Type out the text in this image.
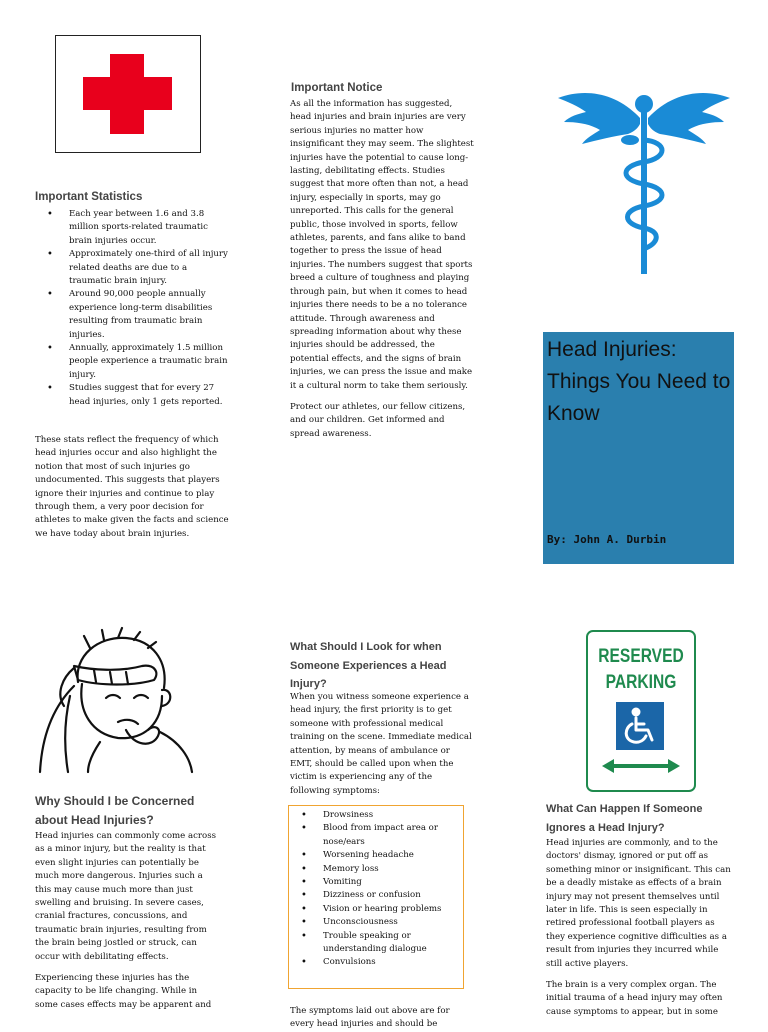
Important Statistics
• Each year between 1.6 and 3.8 million sports-related traumatic brain injuries occur.
• Approximately one-third of all injury related deaths are due to a traumatic brain injury.
• Around 90,000 people annually experience long-term disabilities resulting from traumatic brain injuries.
• Annually, approximately 1.5 million people experience a traumatic brain injury.
• Studies suggest that for every 27 head injuries, only 1 gets reported.
These stats reflect the frequency of which head injuries occur and also highlight the notion that most of such injuries go undocumented. This suggests that players ignore their injuries and continue to play through them, a very poor decision for athletes to make given the facts and science we have today about brain injuries.
Important Notice

As all the information has suggested, head injuries and brain injuries are very serious injuries no matter how insignificant they may seem. The slightest injuries have the potential to cause long-lasting, debilitating effects. Studies suggest that more often than not, a head injury, especially in sports, may go unreported. This calls for the general public, those involved in sports, fellow athletes, parents, and fans alike to band together to press the issue of head injuries. The numbers suggest that sports breed a culture of toughness and playing through pain, but when it comes to head injuries there needs to be a no tolerance attitude. Through awareness and spreading information about why these injuries should be addressed, the potential effects, and the signs of brain injuries, we can press the issue and make it a cultural norm to take them seriously.

Protect our athletes, our fellow citizens, and our children. Get informed and spread awareness.

Head Injuries: Things You Need to Know
By: John A. Durbin
Why Should I be Concerned about Head Injuries?

Head injuries can commonly come across as a minor injury, but the reality is that even slight injuries can potentially be much more dangerous. Injuries such a this may cause much more than just swelling and bruising. In severe cases, cranial fractures, concussions, and traumatic brain injuries, resulting from the brain being jostled or struck, can occur with debilitating effects.

Experiencing these injuries has the capacity to be life changing. While in some cases effects may be apparent and

What Should I Look for when Someone Experiences a Head Injury?
When you witness someone experience a head injury, the first priority is to get someone with professional medical training on the scene. Immediate medical attention, by means of ambulance or EMT, should be called upon when the victim is experiencing any of the following symptoms:
• Drowsiness
• Blood from impact area or nose/ears
• Worsening headache
• Memory loss
• Vomiting
• Dizziness or confusion
• Vision or hearing problems
• Unconsciousness
• Trouble speaking or understanding dialogue
• Convulsions
The symptoms laid out above are for every head injuries and should be
RESERVED
PARKING
What Can Happen If Someone Ignores a Head Injury?

Head injuries are commonly, and to the doctors' dismay, ignored or put off as something minor or insignificant. This can be a deadly mistake as effects of a brain injury may not present themselves until later in life. This is seen especially in retired professional football players as they experience cognitive difficulties as a result from injuries they incurred while still active players.

The brain is a very complex organ. The initial trauma of a head injury may often cause symptoms to appear, but in some
